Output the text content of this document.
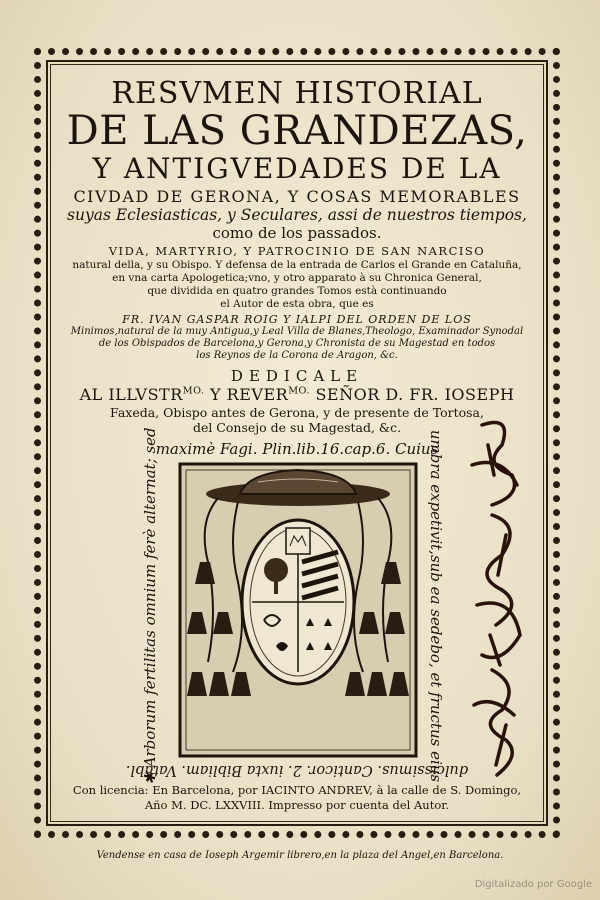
RESVMEN HISTORIAL
DE LAS GRANDEZAS,
Y ANTIGVEDADES DE LA
CIVDAD DE GERONA, Y COSAS MEMORABLES
suyas Eclesiasticas, y Seculares, assi de nuestros tiempos,
como de los passados.
VIDA, MARTYRIO, Y PATROCINIO DE SAN NARCISO
natural della, y su Obispo. Y defensa de la entrada de Carlos el Grande en Cataluña,
en vna carta Apologetica;vno, y otro apparato à su Chronica General,
que dividida en quatro grandes Tomos està continuando
el Autor de esta obra, que es
FR. IVAN GASPAR ROIG Y IALPI DEL ORDEN DE LOS
Minimos,natural de la muy Antigua,y Leal Villa de Blanes,Theologo, Examinador Synodal
de los Obispados de Barcelona,y Gerona,y Chronista de su Magestad en todos
los Reynos de la Corona de Aragon, &c.
DEDICALE
AL $ILLVSTR^{MO.}$ Y $REVER^{MO.}$ SEÑOR D. FR. IOSEPH
Faxeda, Obispo antes de Gerona, y de presente de Tortosa,
del Consejo de su Magestad, &c.
maximè Fagi. Plin.lib.16.cap.6. Cuius
✱ Arborum fertilitas omnium ferè alternat; sed	umbra expetivit,sub ea sedebo, et fructus eius
dulcissimus. Canticor. 2. iuxta Bibliam. Vatabl.
Con licencia: En Barcelona, por IACINTO ANDREV, à la calle de S. Domingo,
Año M. DC. LXXVIII. Impresso por cuenta del Autor.
Vendense en casa de Ioseph Argemir librero,en la plaza del Angel,en Barcelona.
Digitalizado por Google
